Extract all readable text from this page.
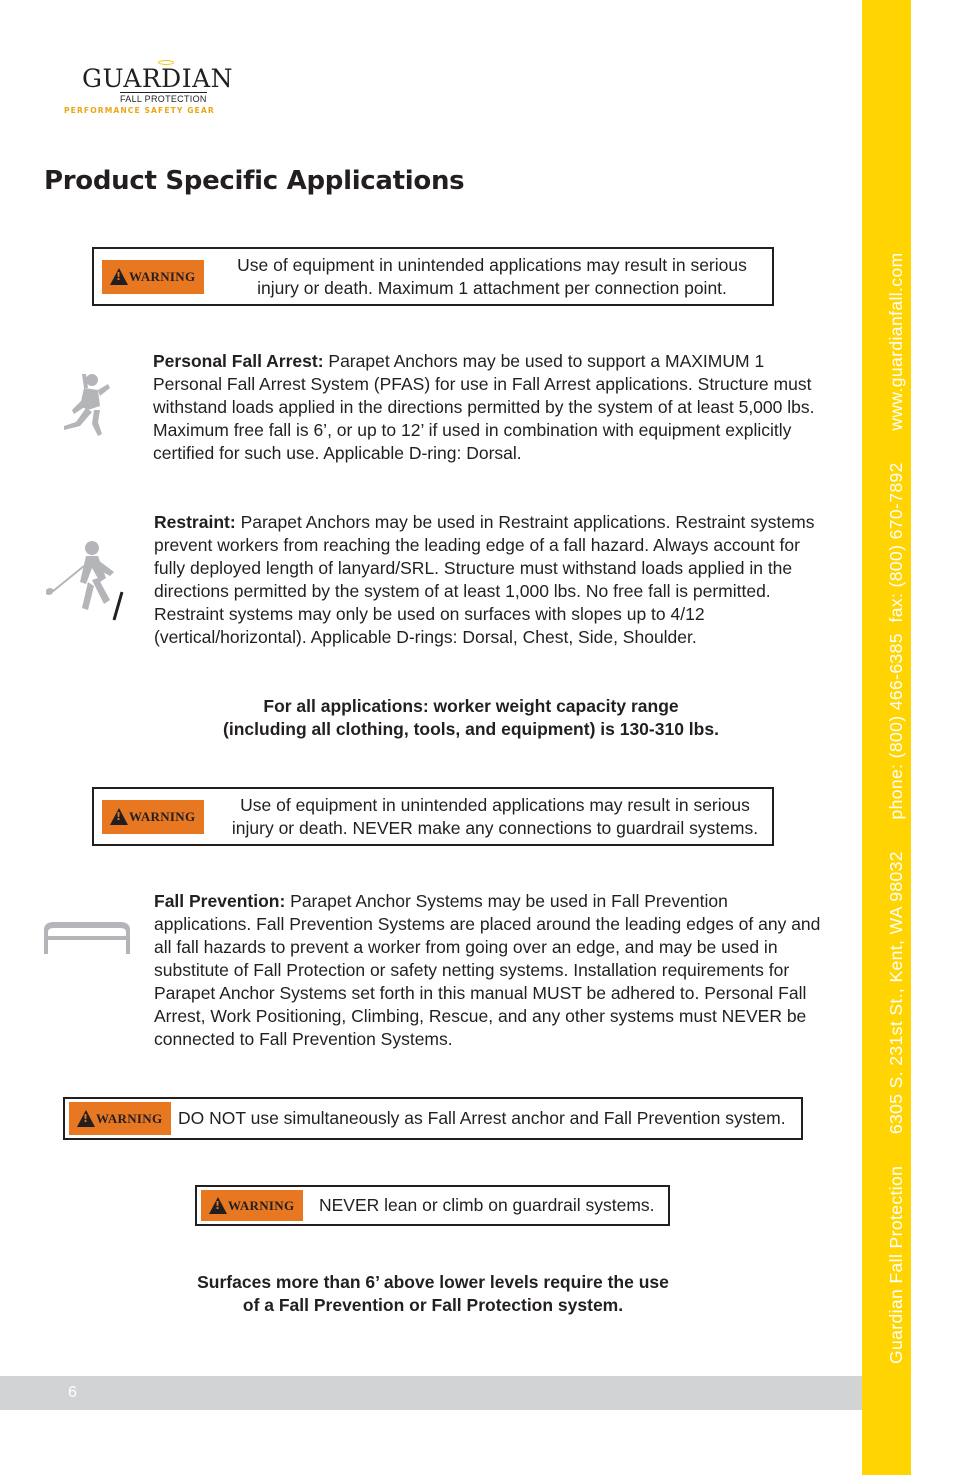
GUARDIAN
FALL PROTECTION
PERFORMANCE SAFETY GEAR
Product Specific Applications
!
WARNING
Use of equipment in unintended applications may result in serious
injury or death. Maximum 1 attachment per connection point.
Personal Fall Arrest: Parapet Anchors may be used to support a MAXIMUM 1 Personal Fall Arrest System (PFAS) for use in Fall Arrest applications. Structure must withstand loads applied in the directions permitted by the system of at least 5,000 lbs. Maximum free fall is 6’, or up to 12’ if used in combination with equipment explicitly certified for such use. Applicable D-ring: Dorsal.
Restraint: Parapet Anchors may be used in Restraint applications. Restraint systems prevent workers from reaching the leading edge of a fall hazard. Always account for fully deployed length of lanyard/SRL. Structure must withstand loads applied in the directions permitted by the system of at least 1,000 lbs. No free fall is permitted. Restraint systems may only be used on surfaces with slopes up to 4/12 (vertical/horizontal). Applicable D-rings: Dorsal, Chest, Side, Shoulder.
For all applications: worker weight capacity range
(including all clothing, tools, and equipment) is 130-310 lbs.
!
WARNING
Use of equipment in unintended applications may result in serious
injury or death. NEVER make any connections to guardrail systems.
Fall Prevention: Parapet Anchor Systems may be used in Fall Prevention applications. Fall Prevention Systems are placed around the leading edges of any and all fall hazards to prevent a worker from going over an edge, and may be used in substitute of Fall Protection or safety netting systems. Installation requirements for Parapet Anchor Systems set forth in this manual MUST be adhered to. Personal Fall Arrest, Work Positioning, Climbing, Rescue, and any other systems must NEVER be connected to Fall Prevention Systems.
!
WARNING DO NOT use simultaneously as Fall Arrest anchor and Fall Prevention system.
!
WARNING NEVER lean or climb on guardrail systems.
Surfaces more than 6’ above lower levels require the use
of a Fall Prevention or Fall Protection system.
6
Guardian Fall Protection      6305 S. 231st St., Kent, WA 98032      phone: (800) 466-6385  fax: (800) 670-7892      www.guardianfall.com
